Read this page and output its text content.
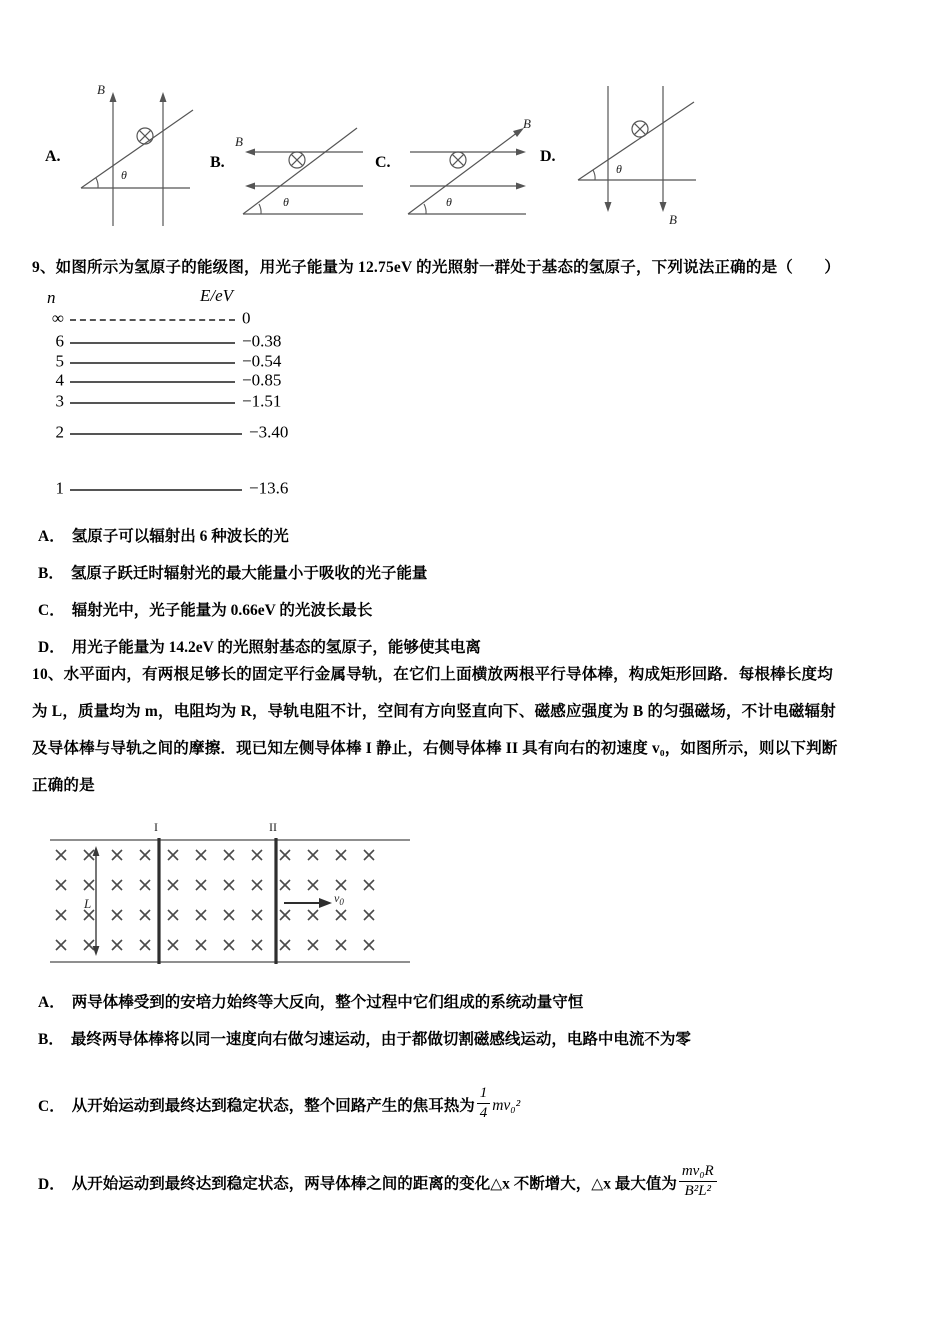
A.
B
θ
B.
B
θ
C.
B
θ
D.
B
θ
9、如图所示为氢原子的能级图，用光子能量为 12.75eV 的光照射一群处于基态的氢原子，下列说法正确的是（　　）
n	E/eV
∞	0
6	−0.38
5	−0.54
4	−0.85
3	−1.51
2	−3.40
1	−13.6
A． 氢原子可以辐射出 6 种波长的光
B． 氢原子跃迁时辐射光的最大能量小于吸收的光子能量
C． 辐射光中，光子能量为 0.66eV 的光波长最长
D． 用光子能量为 14.2eV 的光照射基态的氢原子，能够使其电离
10、水平面内，有两根足够长的固定平行金属导轨，在它们上面横放两根平行导体棒，构成矩形回路．每根棒长度均
为 L，质量均为 m，电阻均为 R，导轨电阻不计，空间有方向竖直向下、磁感应强度为 B 的匀强磁场，不计电磁辐射
及导体棒与导轨之间的摩擦．现已知左侧导体棒 I 静止，右侧导体棒 II 具有向右的初速度 v₀，如图所示，则以下判断
正确的是
I	II
L	$v_0$
A． 两导体棒受到的安培力始终等大反向，整个过程中它们组成的系统动量守恒
B． 最终两导体棒将以同一速度向右做匀速运动，由于都做切割磁感线运动，电路中电流不为零
C． 从开始运动到最终达到稳定状态，整个回路产生的焦耳热为 $\frac{1}{4} mv_0^2$
D． 从开始运动到最终达到稳定状态，两导体棒之间的距离的变化△x 不断增大，△x 最大值为 $\frac{\text{mv₀R}}{\text{B²L²}}$
